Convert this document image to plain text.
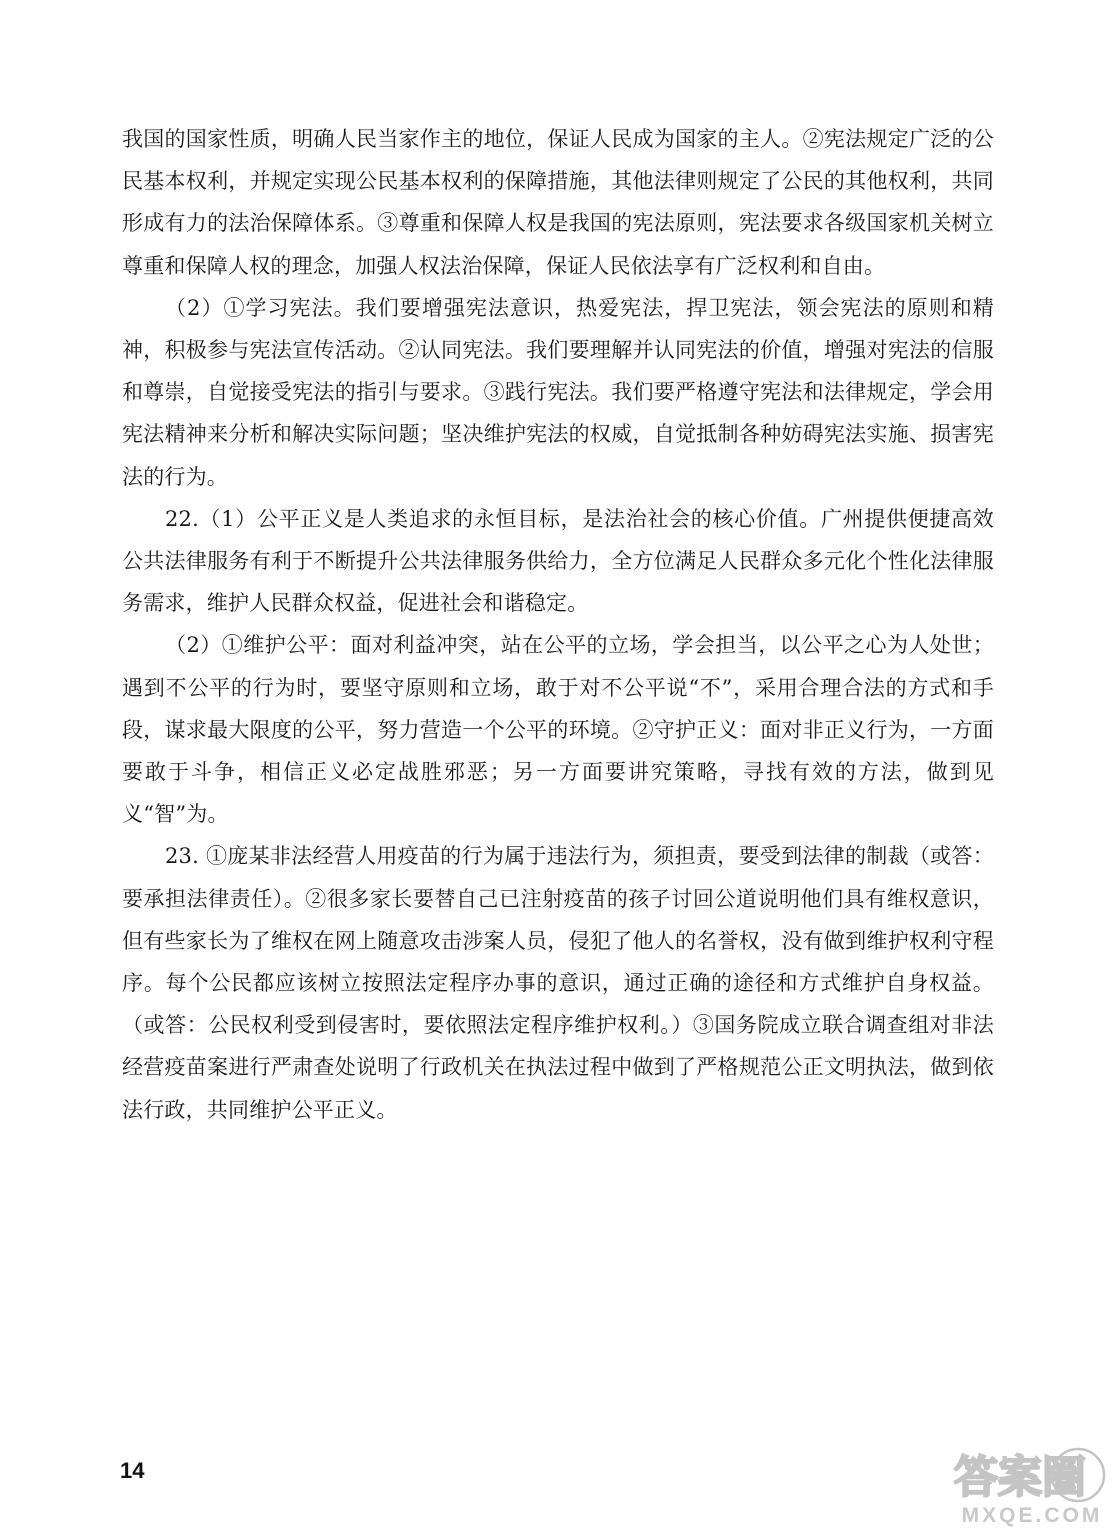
我国的国家性质，明确人民当家作主的地位，保证人民成为国家的主人。②宪法规定广泛的公民基本权利，并规定实现公民基本权利的保障措施，其他法律则规定了公民的其他权利，共同形成有力的法治保障体系。③尊重和保障人权是我国的宪法原则，宪法要求各级国家机关树立尊重和保障人权的理念，加强人权法治保障，保证人民依法享有广泛权利和自由。

（2）①学习宪法。我们要增强宪法意识，热爱宪法，捍卫宪法，领会宪法的原则和精神，积极参与宪法宣传活动。②认同宪法。我们要理解并认同宪法的价值，增强对宪法的信服和尊崇，自觉接受宪法的指引与要求。③践行宪法。我们要严格遵守宪法和法律规定，学会用宪法精神来分析和解决实际问题；坚决维护宪法的权威，自觉抵制各种妨碍宪法实施、损害宪法的行为。

22.（1）公平正义是人类追求的永恒目标，是法治社会的核心价值。广州提供便捷高效公共法律服务有利于不断提升公共法律服务供给力，全方位满足人民群众多元化个性化法律服务需求，维护人民群众权益，促进社会和谐稳定。

（2）①维护公平：面对利益冲突，站在公平的立场，学会担当，以公平之心为人处世；遇到不公平的行为时，要坚守原则和立场，敢于对不公平说“不”，采用合理合法的方式和手段，谋求最大限度的公平，努力营造一个公平的环境。②守护正义：面对非正义行为，一方面要敢于斗争，相信正义必定战胜邪恶；另一方面要讲究策略，寻找有效的方法，做到见义“智”为。

23. ①庞某非法经营人用疫苗的行为属于违法行为，须担责，要受到法律的制裁（或答：要承担法律责任）。②很多家长要替自己已注射疫苗的孩子讨回公道说明他们具有维权意识，但有些家长为了维权在网上随意攻击涉案人员，侵犯了他人的名誉权，没有做到维护权利守程序。每个公民都应该树立按照法定程序办事的意识，通过正确的途径和方式维护自身权益。（或答：公民权利受到侵害时，要依照法定程序维护权利。）③国务院成立联合调查组对非法经营疫苗案进行严肃查处说明了行政机关在执法过程中做到了严格规范公正文明执法，做到依法行政，共同维护公平正义。

14	答案圈
MXQE.COM
